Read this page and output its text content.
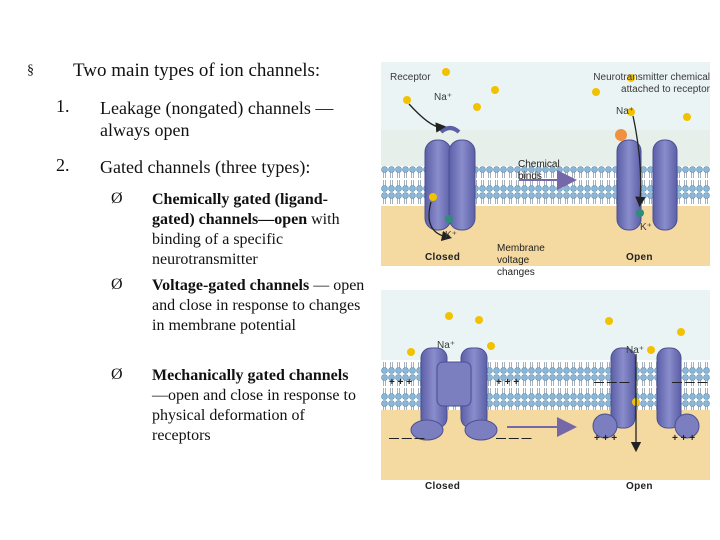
§ Two main types of ion channels:
1. Leakage (nongated) channels — always open
2. Gated channels (three types):
Ø Chemically gated (ligand-gated) channels—open with binding of a specific neurotransmitter
Ø Voltage-gated channels — open and close in response to changes in membrane potential
Ø Mechanically gated channels —open and close in response to physical deformation of receptors
Receptor
Na⁺
K⁺
Closed
Neurotransmitter chemical attached to receptor
Na⁺
K⁺
Open
Chemical binds
Membrane voltage changes
Na⁺	Na⁺
+ + +	+ + +
— — —	— — —
— — —	— — —
+ + +	+ + +
Closed	Open
